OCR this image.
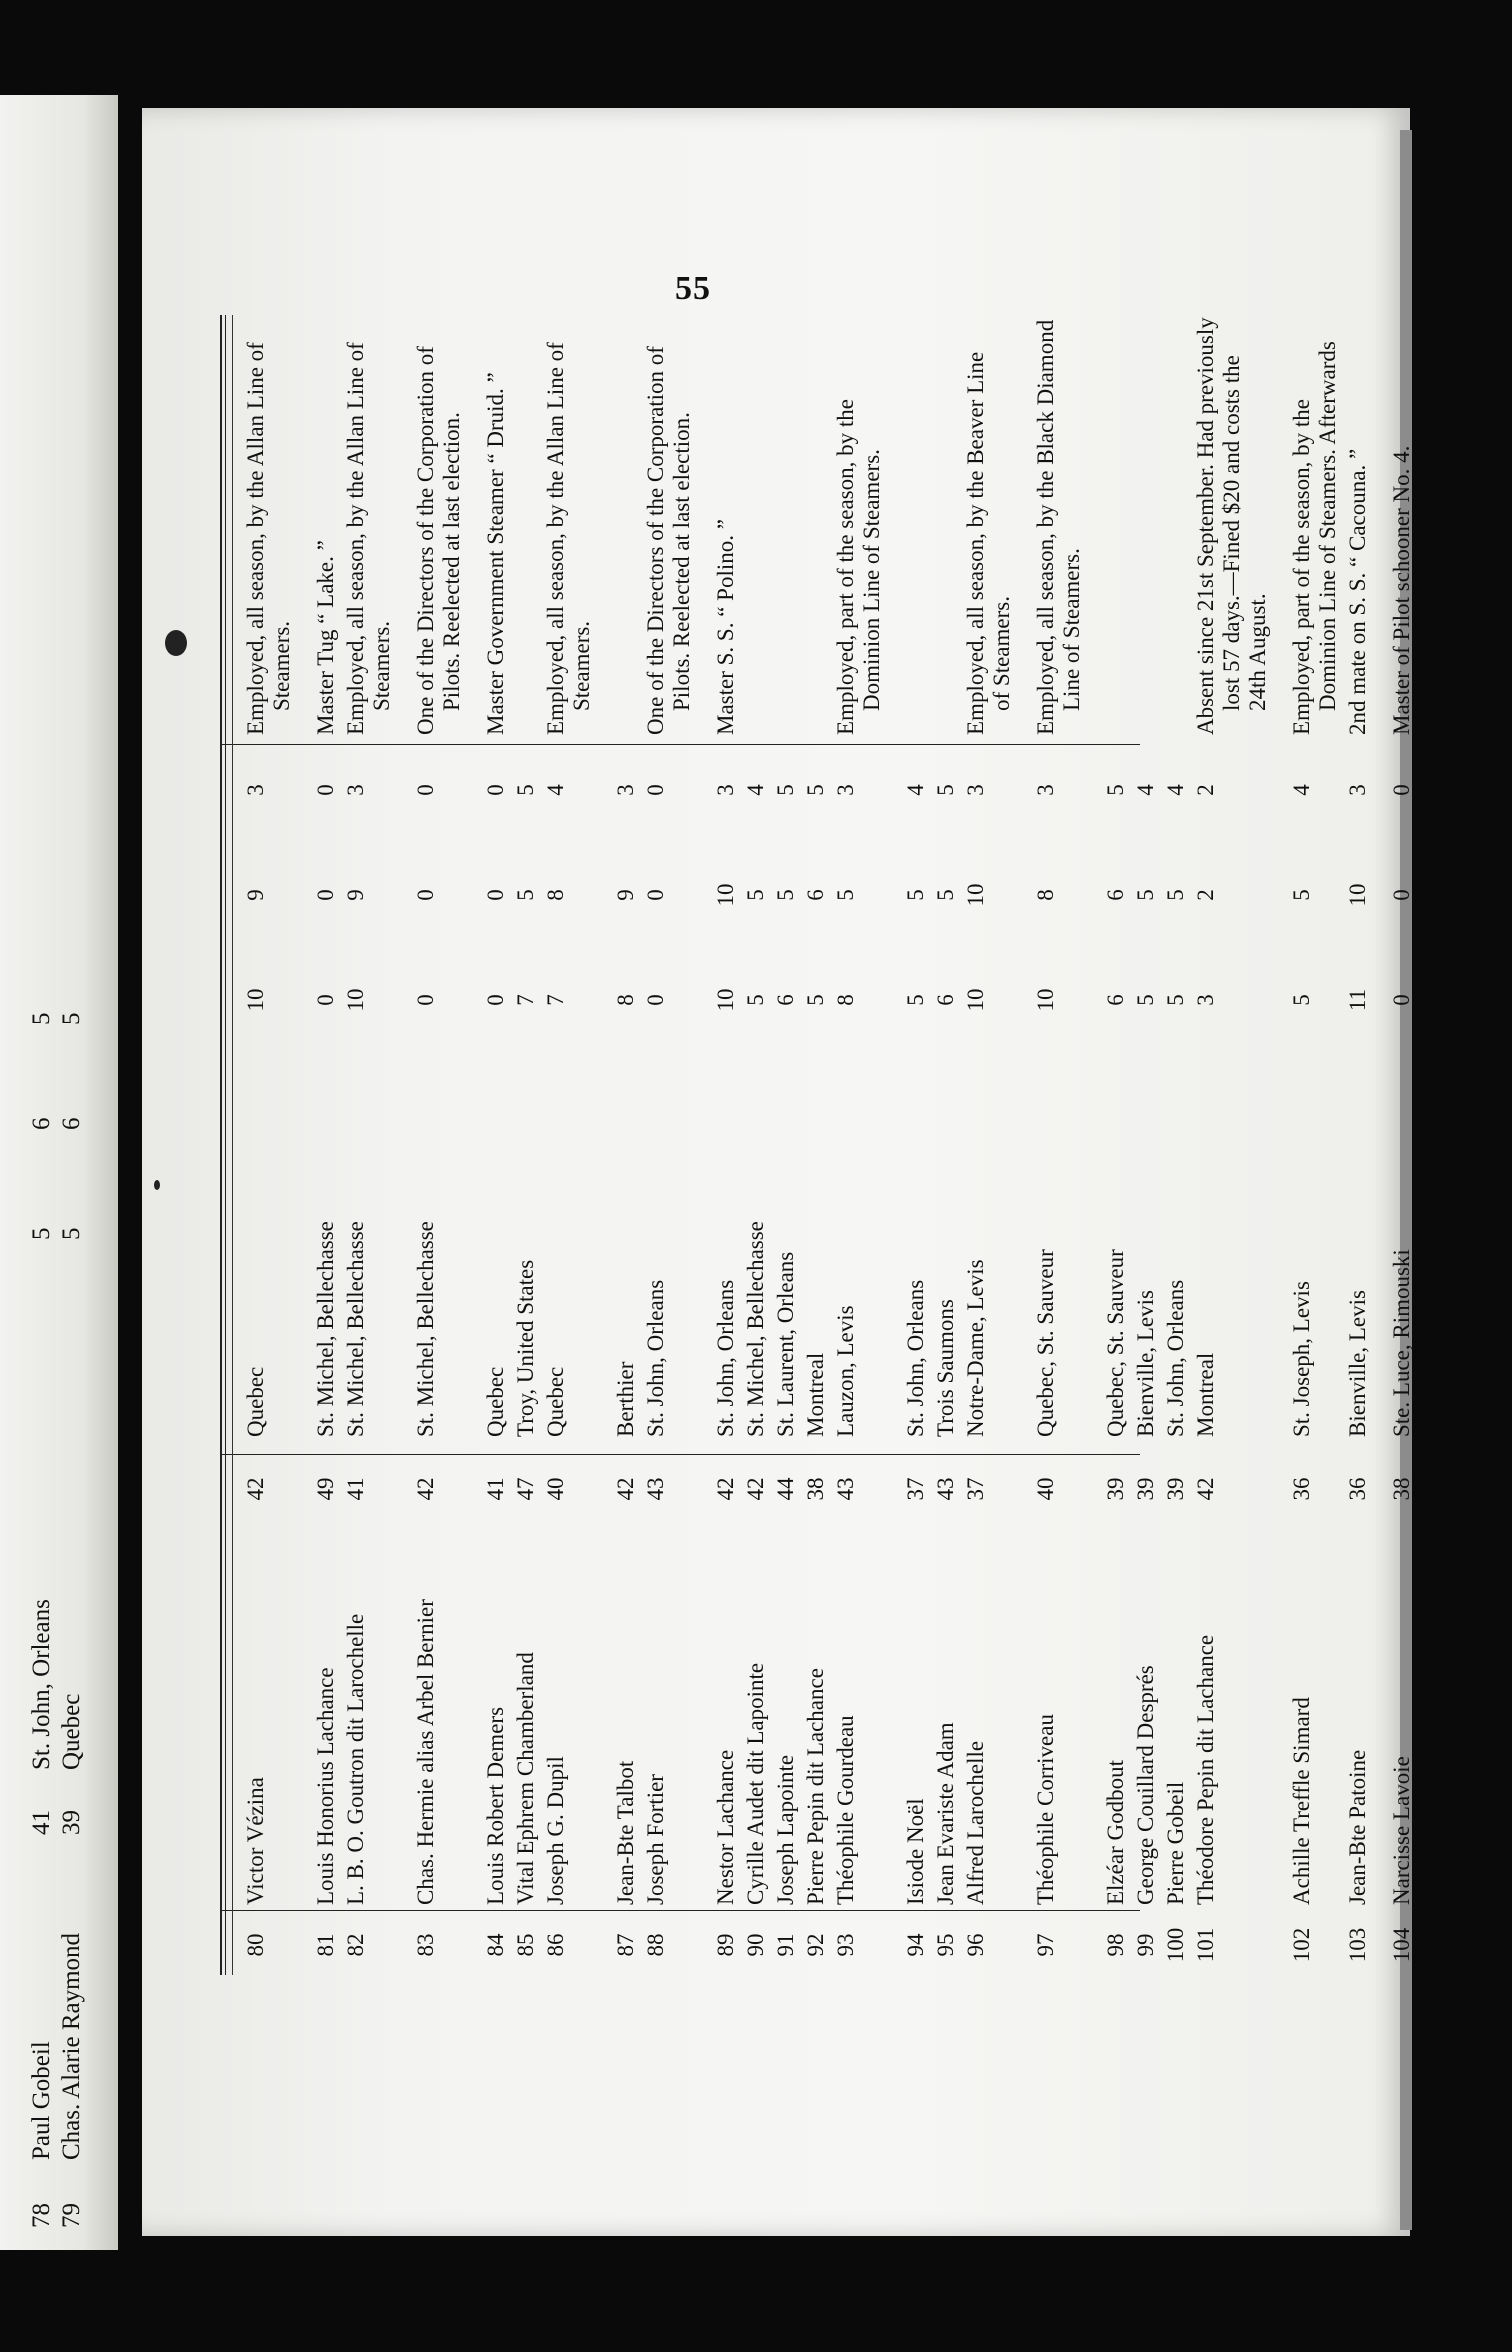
78
Paul Gobeil
41
St. John, Orleans
5
6
5
79
Chas. Alarie Raymond
39
Quebec
5
6
5
55
80
Victor Vézina
42
Quebec
10
9
3
Employed, all season, by the Allan Line of Steamers.
81
Louis Honorius Lachance
49
St. Michel, Bellechasse
0
0
0
Master Tug “ Lake. ”
82
L. B. O. Goutron dit Larochelle
41
St. Michel, Bellechasse
10
9
3
Employed, all season, by the Allan Line of Steamers.
83
Chas. Hermie alias Arbel Bernier
42
St. Michel, Bellechasse
0
0
0
One of the Directors of the Corporation of Pilots. Reelected at last election.
84
Louis Robert Demers
41
Quebec
0
0
0
Master Government Steamer “ Druid. ”
85
Vital Ephrem Chamberland
47
Troy, United States
7
5
5
86
Joseph G. Dupil
40
Quebec
7
8
4
Employed, all season, by the Allan Line of Steamers.
87
Jean-Bte Talbot
42
Berthier
8
9
3
88
Joseph Fortier
43
St. John, Orleans
0
0
0
One of the Directors of the Corporation of Pilots. Reelected at last election.
89
Nestor Lachance
42
St. John, Orleans
10
10
3
Master S. S. “ Polino. ”
90
Cyrille Audet dit Lapointe
42
St. Michel, Bellechasse
5
5
4
91
Joseph Lapointe
44
St. Laurent, Orleans
6
5
5
92
Pierre Pepin dit Lachance
38
Montreal
5
6
5
93
Théophile Gourdeau
43
Lauzon, Levis
8
5
3
Employed, part of the season, by the Dominion Line of Steamers.
94
Isiode Noël
37
St. John, Orleans
5
5
4
95
Jean Evariste Adam
43
Trois Saumons
6
5
5
96
Alfred Larochelle
37
Notre-Dame, Levis
10
10
3
Employed, all season, by the Beaver Line of Steamers.
97
Théophile Corriveau
40
Quebec, St. Sauveur
10
8
3
Employed, all season, by the Black Diamond Line of Steamers.
98
Elzéar Godbout
39
Quebec, St. Sauveur
6
6
5
99
George Couillard Després
39
Bienville, Levis
5
5
4
100
Pierre Gobeil
39
St. John, Orleans
5
5
4
101
Théodore Pepin dit Lachance
42
Montreal
3
2
2
Absent since 21st September. Had previously lost 57 days.—Fined $20 and costs the 24th August.
102
Achille Treffle Simard
36
St. Joseph, Levis
5
5
4
Employed, part of the season, by the Dominion Line of Steamers. Afterwards
103
Jean-Bte Patoine
36
Bienville, Levis
11
10
3
2nd mate on S. S. “ Cacouna. ”
104
Narcisse Lavoie
38
Ste. Luce, Rimouski
0
0
0
Master of Pilot schooner No. 4.
